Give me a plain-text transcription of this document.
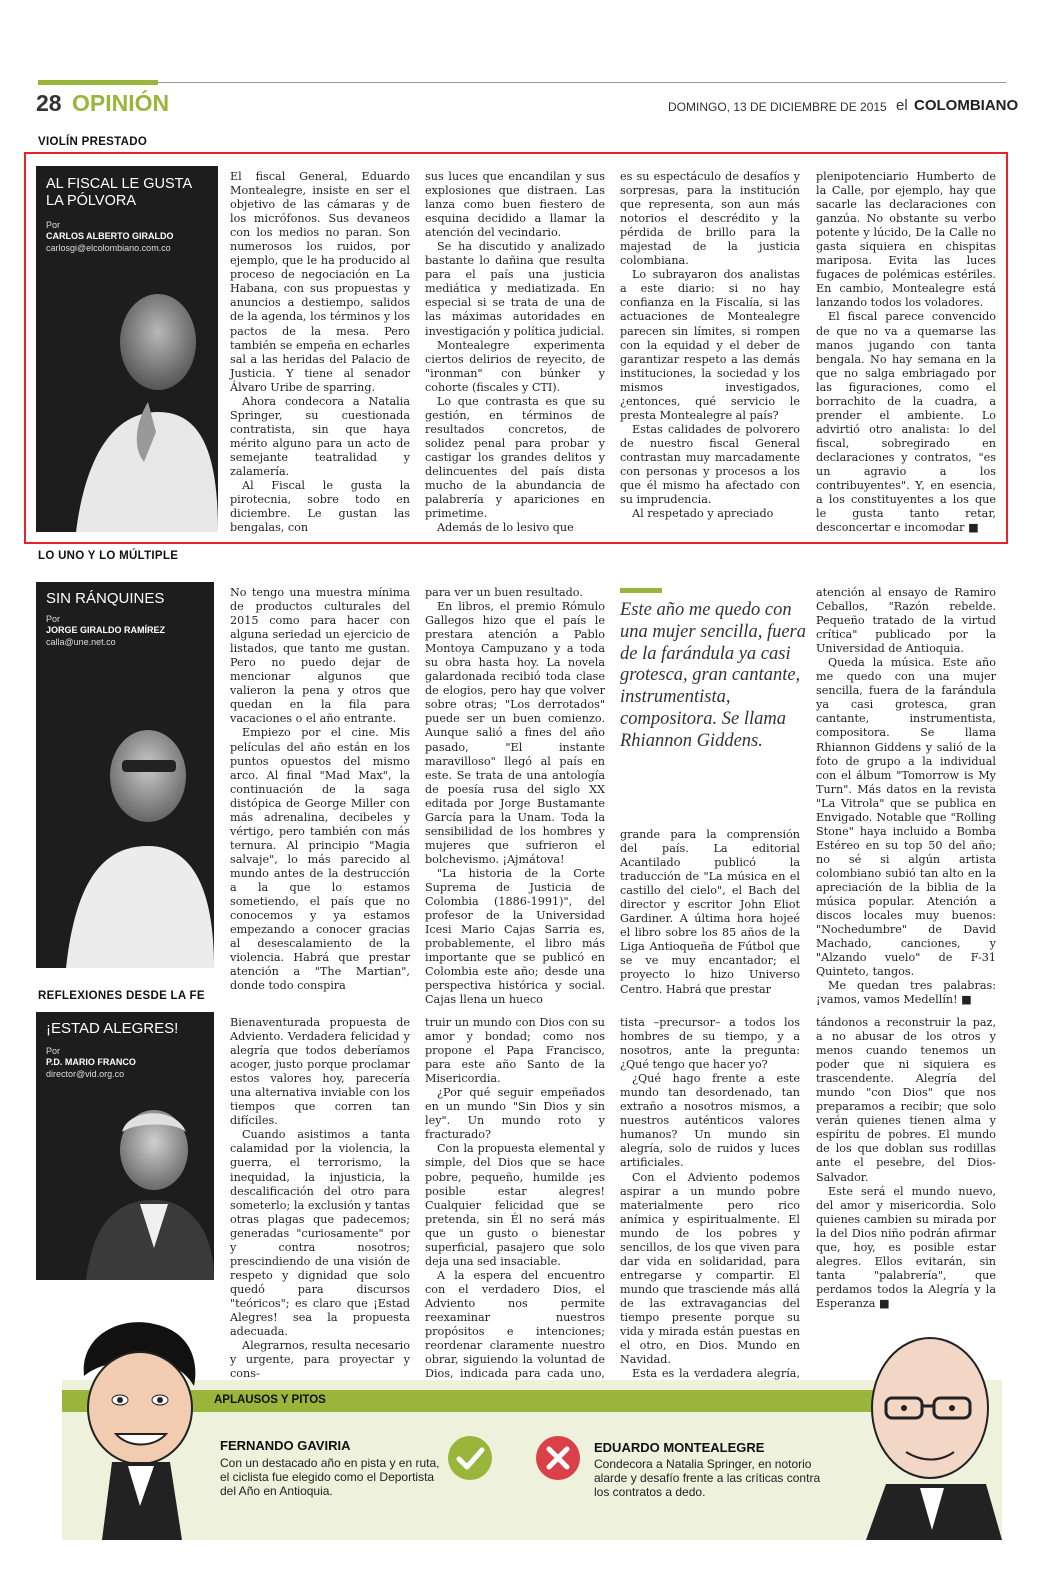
28 OPINIÓN	DOMINGO, 13 DE DICIEMBRE DE 2015 el COLOMBIANO
VIOLÍN PRESTADO
AL FISCAL LE GUSTA
LA PÓLVORA
Por
CARLOS ALBERTO GIRALDO
carlosgi@elcolombiano.com.co

El fiscal General, Eduardo Montealegre, insiste en ser el objetivo de las cámaras y de los micrófonos. Sus devaneos con los medios no paran. Son numerosos los ruidos, por ejemplo, que le ha producido al proceso de negociación en La Habana, con sus propuestas y anuncios a destiempo, salidos de la agenda, los términos y los pactos de la mesa. Pero también se empeña en echarles sal a las heridas del Palacio de Justicia. Y tiene al senador Álvaro Uribe de sparring.

Ahora condecora a Natalia Springer, su cuestionada contratista, sin que haya mérito alguno para un acto de semejante teatralidad y zalamería.

Al Fiscal le gusta la pirotecnia, sobre todo en diciembre. Le gustan las bengalas, con

sus luces que encandilan y sus explosiones que distraen. Las lanza como buen fiestero de esquina decidido a llamar la atención del vecindario.

Se ha discutido y analizado bastante lo dañina que resulta para el país una justicia mediática y mediatizada. En especial si se trata de una de las máximas autoridades en investigación y política judicial.

Montealegre experimenta ciertos delirios de reyecito, de "ironman" con búnker y cohorte (fiscales y CTI).

Lo que contrasta es que su gestión, en términos de resultados concretos, de solidez penal para probar y castigar los grandes delitos y delincuentes del país dista mucho de la abundancia de palabrería y apariciones en primetime.

Además de lo lesivo que

es su espectáculo de desafíos y sorpresas, para la institución que representa, son aun más notorios el descrédito y la pérdida de brillo para la majestad de la justicia colombiana.

Lo subrayaron dos analistas a este diario: si no hay confianza en la Fiscalía, si las actuaciones de Montealegre parecen sin límites, si rompen con la equidad y el deber de garantizar respeto a las demás instituciones, la sociedad y los mismos investigados, ¿entonces, qué servicio le presta Montealegre al país?

Estas calidades de polvorero de nuestro fiscal General contrastan muy marcadamente con personas y procesos a los que él mismo ha afectado con su imprudencia.

Al respetado y apreciado

plenipotenciario Humberto de la Calle, por ejemplo, hay que sacarle las declaraciones con ganzúa. No obstante su verbo potente y lúcido, De la Calle no gasta siquiera en chispitas mariposa. Evita las luces fugaces de polémicas estériles. En cambio, Montealegre está lanzando todos los voladores.

El fiscal parece convencido de que no va a quemarse las manos jugando con tanta bengala. No hay semana en la que no salga embriagado por las figuraciones, como el borrachito de la cuadra, a prender el ambiente. Lo advirtió otro analista: lo del fiscal, sobregirado en declaraciones y contratos, "es un agravio a los contribuyentes". Y, en esencia, a los constituyentes a los que le gusta tanto retar, desconcertar e incomodar ■

LO UNO Y LO MÚLTIPLE
SIN RÁNQUINES
Por
JORGE GIRALDO RAMÍREZ
calla@une.net.co

No tengo una muestra mínima de productos culturales del 2015 como para hacer con alguna seriedad un ejercicio de listados, que tanto me gustan. Pero no puedo dejar de mencionar algunos que valieron la pena y otros que quedan en la fila para vacaciones o el año entrante.

Empiezo por el cine. Mis películas del año están en los puntos opuestos del mismo arco. Al final "Mad Max", la continuación de la saga distópica de George Miller con más adrenalina, decibeles y vértigo, pero también con más ternura. Al principio "Magia salvaje", lo más parecido al mundo antes de la destrucción a la que lo estamos sometiendo, el país que no conocemos y ya estamos empezando a conocer gracias al desescalamiento de la violencia. Habrá que prestar atención a "The Martian", donde todo conspira

para ver un buen resultado.

En libros, el premio Rómulo Gallegos hizo que el país le prestara atención a Pablo Montoya Campuzano y a toda su obra hasta hoy. La novela galardonada recibió toda clase de elogios, pero hay que volver sobre otras; "Los derrotados" puede ser un buen comienzo. Aunque salió a fines del año pasado, "El instante maravilloso" llegó al país en este. Se trata de una antología de poesía rusa del siglo XX editada por Jorge Bustamante García para la Unam. Toda la sensibilidad de los hombres y mujeres que sufrieron el bolchevismo. ¡Ajmátova!

"La historia de la Corte Suprema de Justicia de Colombia (1886-1991)", del profesor de la Universidad Icesi Mario Cajas Sarria es, probablemente, el libro más importante que se publicó en Colombia este año; desde una perspectiva histórica y social. Cajas llena un hueco

Este año me quedo con una mujer sencilla, fuera de la farándula ya casi grotesca, gran cantante, instrumentista, compositora. Se llama Rhiannon Giddens.

grande para la comprensión del país. La editorial Acantilado publicó la traducción de "La música en el castillo del cielo", el Bach del director y escritor John Eliot Gardiner. A última hora hojeé el libro sobre los 85 años de la Liga Antioqueña de Fútbol que se ve muy encantador; el proyecto lo hizo Universo Centro. Habrá que prestar

atención al ensayo de Ramiro Ceballos, "Razón rebelde. Pequeño tratado de la virtud crítica" publicado por la Universidad de Antioquia.

Queda la música. Este año me quedo con una mujer sencilla, fuera de la farándula ya casi grotesca, gran cantante, instrumentista, compositora. Se llama Rhiannon Giddens y salió de la foto de grupo a la individual con el álbum "Tomorrow is My Turn". Más datos en la revista "La Vitrola" que se publica en Envigado. Notable que "Rolling Stone" haya incluido a Bomba Estéreo en su top 50 del año; no sé si algún artista colombiano subió tan alto en la apreciación de la biblia de la música popular. Atención a discos locales muy buenos: "Nochedumbre" de David Machado, canciones, y "Alzando vuelo" de F-31 Quinteto, tangos.

Me quedan tres palabras: ¡vamos, vamos Medellín! ■

REFLEXIONES DESDE LA FE
¡ESTAD ALEGRES!
Por
P.D. MARIO FRANCO
director@vid.org.co

Bienaventurada propuesta de Adviento. Verdadera felicidad y alegría que todos deberíamos acoger, justo porque proclamar estos valores hoy, parecería una alternativa inviable con los tiempos que corren tan difíciles.

Cuando asistimos a tanta calamidad por la violencia, la guerra, el terrorismo, la inequidad, la injusticia, la descalificación del otro para someterlo; la exclusión y tantas otras plagas que padecemos; generadas "curiosamente" por y contra nosotros; prescindiendo de una visión de respeto y dignidad que solo quedó para discursos "teóricos"; es claro que ¡Estad Alegres! sea la propuesta adecuada.

Alegrarnos, resulta necesario y urgente, para proyectar y cons-

truir un mundo con Dios con su amor y bondad; como nos propone el Papa Francisco, para este año Santo de la Misericordia.

¿Por qué seguir empeñados en un mundo "Sin Dios y sin ley". Un mundo roto y fracturado?

Con la propuesta elemental y simple, del Dios que se hace pobre, pequeño, humilde ¡es posible estar alegres! Cualquier felicidad que se pretenda, sin Él no será más que un gusto o bienestar superficial, pasajero que solo deja una sed insaciable.

A la espera del encuentro con el verdadero Dios, el Adviento nos permite reexaminar nuestros propósitos e intenciones; reordenar claramente nuestro obrar, siguiendo la voluntad de Dios, indicada para cada uno,

tista –precursor– a todos los hombres de su tiempo, y a nosotros, ante la pregunta: ¿Qué tengo que hacer yo?

¿Qué hago frente a este mundo tan desordenado, tan extraño a nosotros mismos, a nuestros auténticos valores humanos? Un mundo sin alegría, solo de ruidos y luces artificiales.

Con el Adviento podemos aspirar a un mundo pobre materialmente pero rico anímica y espiritualmente. El mundo de los pobres y sencillos, de los que viven para dar vida en solidaridad, para entregarse y compartir. El mundo que trasciende más allá de las extravagancias del tiempo presente porque su vida y mirada están puestas en el otro, en Dios. Mundo en Navidad.

Esta es la verdadera alegría,

tándonos a reconstruir la paz, a no abusar de los otros y menos cuando tenemos un poder que ni siquiera es trascendente. Alegría del mundo "con Dios" que nos preparamos a recibir; que solo verán quienes tienen alma y espíritu de pobres. El mundo de los que doblan sus rodillas ante el pesebre, del Dios-Salvador.

Este será el mundo nuevo, del amor y misericordia. Solo quienes cambien su mirada por la del Dios niño podrán afirmar que, hoy, es posible estar alegres. Ellos evitarán, sin tanta "palabrería", que perdamos todos la Alegría y la Esperanza ■

APLAUSOS Y PITOS
FERNANDO GAVIRIA
Con un destacado año en pista y en ruta, el ciclista fue elegido como el Deportista del Año en Antioquia.
EDUARDO MONTEALEGRE
Condecora a Natalia Springer, en notorio alarde y desafío frente a las críticas contra los contratos a dedo.
